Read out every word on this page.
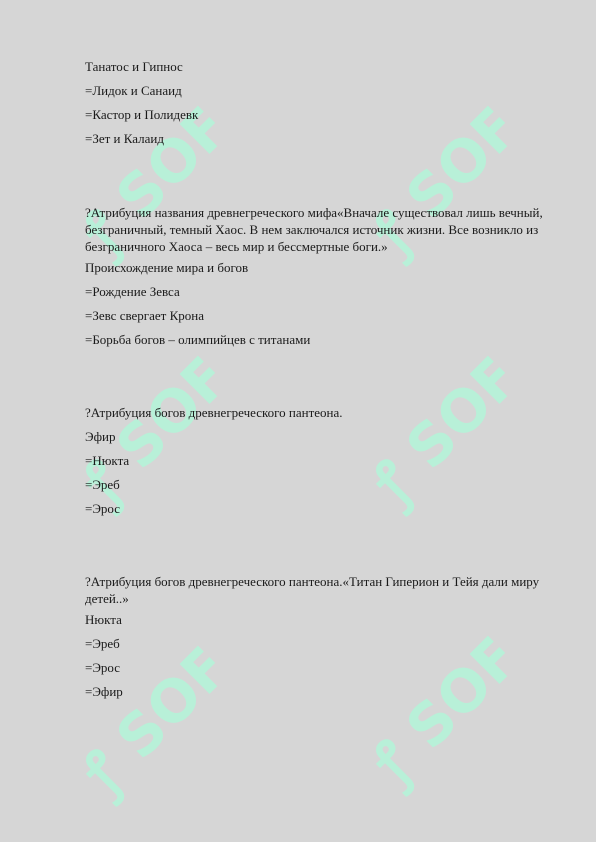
ꝭ SOFF ꝭ SOFF
ꝭ SOFF ꝭ SOFF
ꝭ SOFF ꝭ SOFF
Танатос и Гипнос
=Лидок и Санаид
=Кастор и Полидевк
=Зет и Калаид
?Атрибуция названия древнегреческого мифа«Вначале существовал лишь вечный, безграничный, темный Хаос. В нем заключался источник жизни. Все возникло из безграничного Хаоса – весь мир и бессмертные боги.»
Происхождение мира и богов
=Рождение Зевса
=Зевс свергает Крона
=Борьба богов – олимпийцев с титанами
?Атрибуция богов древнегреческого пантеона.
Эфир
=Нюкта
=Эреб
=Эрос
?Атрибуция богов древнегреческого пантеона.«Титан Гиперион и Тейя дали миру детей..»
Нюкта
=Эреб
=Эрос
=Эфир
